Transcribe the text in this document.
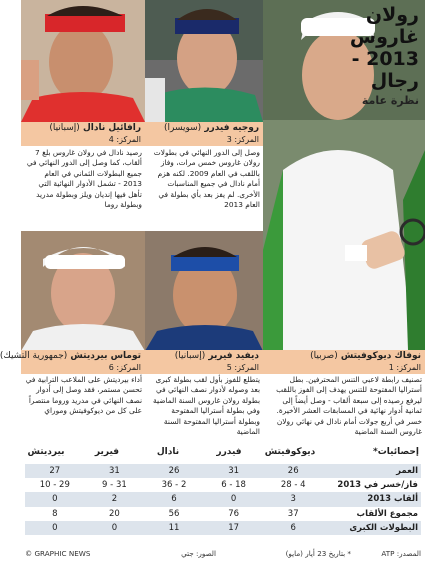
رولان
غاروس
2013 -
رجال
نظرة عامة
نوفاك ديوكوفيتش (صربيا)
المركز: 1
تصنيف رابطة لاعبي التنس المحترفين. بطل أستراليا المفتوحة للتنس يهدف إلى الفوز باللقب ليرفع رصيده إلى سبعة ألقاب - وصل أيضاً إلى ثمانية أدوار نهائية في المسابقات العشر الأخيرة. خسر في أربع جولات أمام نادال في نهائي رولان غاروس السنة الماضية
روجيه فيدرر (سويسرا)
المركز: 3
وصل إلى الدور النهائي في بطولات رولان غاروس خمس مرات، وفاز باللقب في العام 2009. لكنه هزم أمام نادال في جميع المناسبات الأخرى. لم يفز بعد بأي بطولة في العام 2013
رافائيل نادال (إسبانيا)
المركز: 4
رصيد نادال في رولان غاروس بلغ 7 ألقاب، كما وصل إلى الدور النهائي في جميع البطولات الثماني في العام 2013 - تشمل الأدوار النهائية التي تأهل فيها إنديان ويلز وبطولة مدريد وبطولة روما
ديفيد فيرير (إسبانيا)
المركز: 5
يتطلع للفوز بأول لقب بطولة كبرى بعد وصوله لأدوار نصف النهائي في بطولة رولان غاروس السنة الماضية وفي بطولة أستراليا المفتوحة وبطولة أستراليا المفتوحة السنة الماضية
توماس بيرديتش (جمهورية التشيك)
المركز: 6
أداء بيرديتش على الملاعب الترابية في تحسن مستمر، فقد وصل إلى أدوار نصف النهائي في مدريد وروما منتصراً على كل من ديوكوفيتش وموراي
إحصائيات*
ديوكوفيتش
فيدرر
نادال
فيرير
بيرديتش
العمر	26	31	26	31	27
فاز/خسر في 2013	4 - 28	18 - 6	2 - 36	31 - 9	29 - 10
ألقاب 2013	3	0	6	2	0
مجموع الألقاب	37	76	56	20	8
البطولات الكبرى	6	17	11	0	0
المصدر: ATP
* بتاريخ 23 أيار (مايو)
الصور: جتي
© GRAPHIC NEWS
